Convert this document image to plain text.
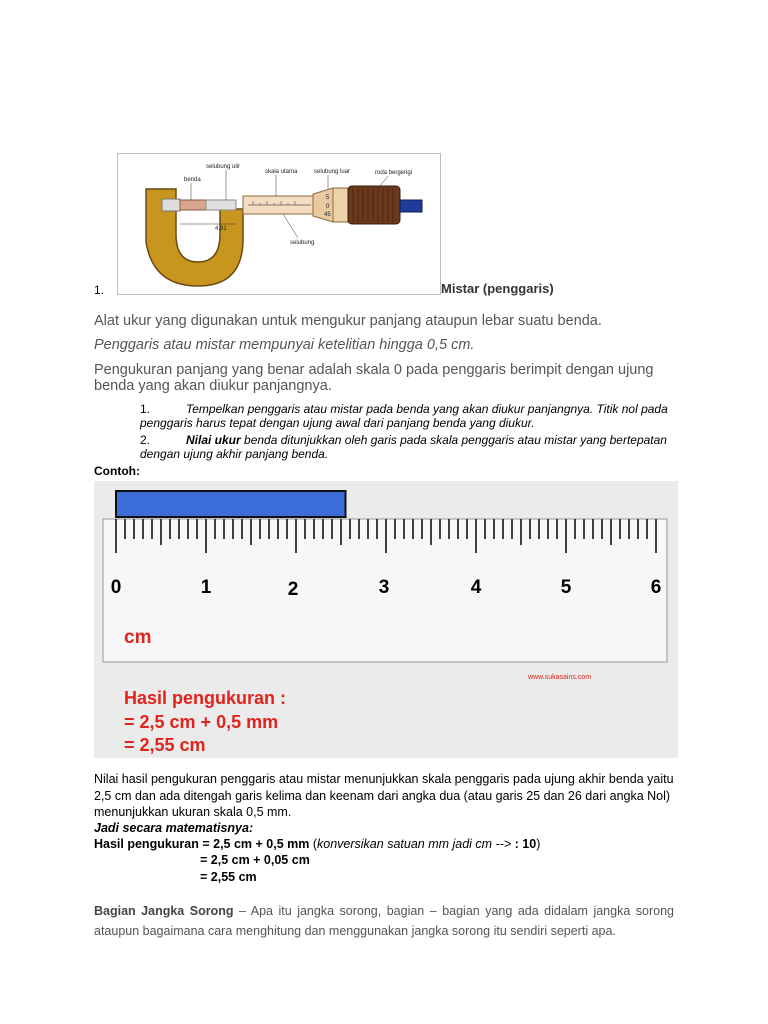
5
0
45
selubung ulir
skala utama	selubung luar	roda bergerigi
benda
4,91
selubung
1.	Mistar (penggaris)
Alat ukur yang digunakan untuk mengukur panjang ataupun lebar suatu benda.
Penggaris atau mistar mempunyai ketelitian hingga 0,5 cm.
Pengukuran panjang yang benar adalah skala 0 pada penggaris berimpit dengan ujung benda yang akan diukur panjangnya.
1.	Tempelkan penggaris atau mistar pada benda yang akan diukur panjangnya. Titik nol pada penggaris harus tepat dengan ujung awal dari panjang benda yang diukur.
2.	Nilai ukur benda ditunjukkan oleh garis pada skala penggaris atau mistar yang bertepatan dengan ujung akhir panjang benda.
Contoh:
0	1	2	3	4	5	6
cm
www.sukasains.com
Hasil pengukuran :
= 2,5 cm + 0,5 mm
= 2,55 cm
Nilai hasil pengukuran penggaris atau mistar menunjukkan skala penggaris pada ujung akhir benda yaitu 2,5 cm dan ada ditengah garis kelima dan keenam dari angka dua (atau garis 25 dan 26 dari angka Nol) menunjukkan ukuran skala 0,5 mm.
Jadi secara matematisnya:
Hasil pengukuran = 2,5 cm + 0,5 mm (konversikan satuan mm jadi cm --> : 10)
= 2,5 cm + 0,05 cm
= 2,55 cm
Bagian Jangka Sorong – Apa itu jangka sorong, bagian – bagian yang ada didalam jangka sorong ataupun bagaimana cara menghitung dan menggunakan jangka sorong itu sendiri seperti apa.
